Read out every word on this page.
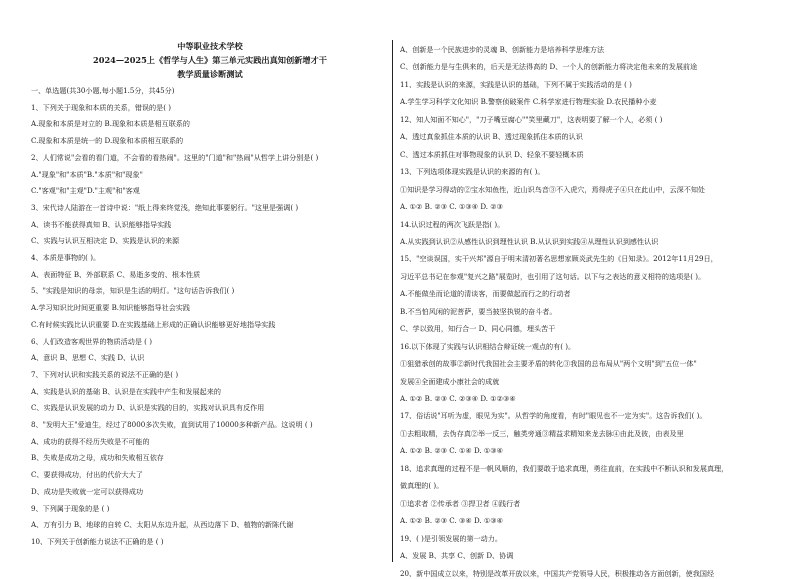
中等职业技术学校
2024—2025上《哲学与人生》第三单元实践出真知创新增才干
教学质量诊断测试
一、单选题(共30小题,每小题1.5分，共45分)
1、下列关于现象和本质的关系，错误的是( )
A.现象和本质是对立的 B.现象和本质是相互联系的
C.现象和本质是统一的 D.现象和本质相互联系的
2、人们常说"会看的看门道，不会看的看热闹"。这里的"门道"和"热闹"从哲学上讲分别是( )
A."现象"和"本质"B."本质"和"现象"
C."客观"和"主观"D."主观"和"客观
3、宋代诗人陆游在一首诗中说："纸上得来终觉浅，绝知此事要躬行。"这里是强调( )
A、读书不能获得真知 B、认识能够指导实践
C、实践与认识互相决定 D、实践是认识的来源
4、本质是事物的( )。
A、表面特征 B、外部联系 C、易逝多变的、根本性质
5、"实践是知识的母亲，知识是生活的明灯。"这句话告诉我们( )
A.学习知识比时间更重要 B.知识能够指导社会实践
C.有时候实践比认识重要 D.在实践基础上形成的正确认识能够更好地指导实践
6、人们改造客观世界的物质活动是 ( )
A、意识 B、思想 C、实践 D、认识
7、下列对认识和实践关系的说法不正确的是( )
A、实践是认识的基础 B、认识是在实践中产生和发展起来的
C、实践是认识发展的动力 D、认识是实践的目的，实践对认识具有反作用
8、"发明大王"爱迪生，经过了8000多次失败，直到试用了10000多种新产品。这说明 ( )
A、成功的获得不经历失败是不可能的
B、失败是成功之母，成功和失败相互依存
C、要获得成功，付出的代价大大了
D、成功是失败就一定可以获得成功
9、下列属于现象的是 ( )
A、万有引力 B、地球的自转 C、太阳从东边升起，从西边落下 D、植物的新陈代谢
10、下列关于创新能力说法不正确的是 ( )
A、创新是一个民族进步的灵魂 B、创新能力是培养科学思维方法
C、创新能力是与生俱来的，后天是无法得高的 D、一个人的创新能力将决定他未来的发展前途
11、实践是认识的来源，实践是认识的基础，下列不属于实践活动的是 ( )
A.学生学习科学文化知识 B.警察侦破案件 C.科学家进行物理实验 D.农民播种小麦
12、知人知面不知心"，"刀子嘴豆腐心""笑里藏刀"，这表明要了解一个人，必须 ( )
A、透过真象抓住本质的认识 B、透过现象抓住本质的认识
C、透过本质抓住对事物现象的认识 D、轻象不要轻概本质
13、下列选项体现实践是认识的来源的有( )。
①知识是学习得动的②宝水知鱼性，近山识鸟音③不入虎穴，焉得虎子④只在此山中，云深不知处
A. ①② B. ②③ C. ①③④ D. ②③
14.认识过程的两次飞跃是指( )。
A.从实践到认识②从感性认识到理性认识 B.从认识到实践④从理性认识到感性认识
15、"空谈误国，实干兴邦"源自于明末清初著名思想家顾炎武先生的《日知录》。2012年11月29日，
习近平总书记在参观"复兴之路"展览时，也引用了这句话。以下与之表达的意义相符的选项是( )。
A.不能做坐而论道的清谈客，而要做起而行之的行动者
B.不当怕风闲的泥菩萨，要当披坚执锐的奋斗者。
C、学以致用，知行合一 D、同心同德，埋头苦干
16.以下体现了实践与认识相结合辩证统一观点的有( )。
①狙猎承创的故事②新时代我国社会主要矛盾的转化③我国的总布局从"两个文明"到"五位一体"
发展④全面建成小康社会的成就
A. ①② B. ②③ C. ②③④ D. ①②③④
17、俗话说"耳听为虚，眼见为实"。从哲学的角度看，有时"眼见也不一定为实"。这告诉我们( )。
①去粗取精，去伪存真②举一反三，触类旁通③精益求精知来龙去脉④由此及彼，由表及里
A. ①② B. ②③ C. ①④ D. ①③④
18、追求真理的过程不是一帆风顺的，我们要敢于追求真理，勇往直前，在实践中不断认识和发展真理，
做真理的( )。
①追求者 ②传承者 ③捍卫者 ④践行者
A. ①② B. ②③ C. ③④ D. ①③④
19、( )是引领发展的第一动力。
A、发展 B、共享 C、创新 D、协调
20、新中国成立以来，特别是改革开放以来，中国共产党领导人民，积极推动各方面创新，使我国经
